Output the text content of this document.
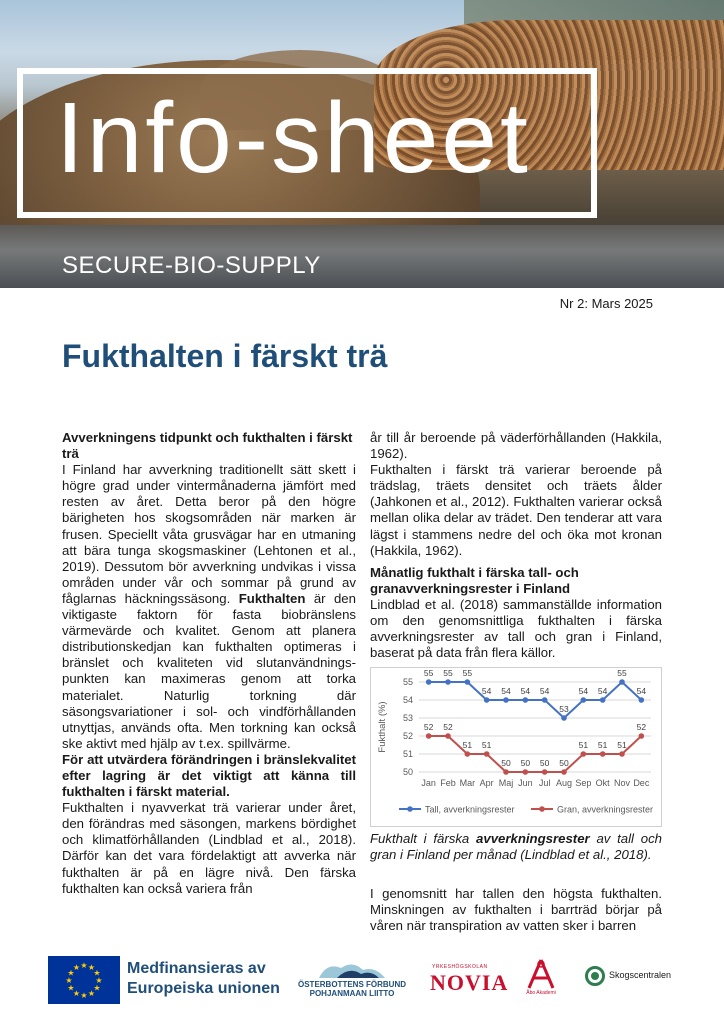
Info-sheet
SECURE-BIO-SUPPLY
Nr 2: Mars 2025
Fukthalten i färskt trä
Avverkningens tidpunkt och fukthalten i färskt trä

I Finland har avverkning traditionellt sätt skett i högre grad under vintermånaderna jämfört med resten av året. Detta beror på den högre bärigheten hos skogsområden när marken är frusen. Speciellt våta grusvägar har en utmaning att bära tunga skogsmaskiner (Lehtonen et al., 2019). Dessutom bör avverkning undvikas i vissa områden under vår och sommar på grund av fåglarnas häckningssäsong. Fukthalten är den viktigaste faktorn för fasta biobränslens värmevärde och kvalitet. Genom att planera distributionskedjan kan fukthalten optimeras i bränslet och kvaliteten vid slutanvändnings-punkten kan maximeras genom att torka materialet. Naturlig torkning där säsongsvariationer i sol- och vindförhållanden utnyttjas, används ofta. Men torkning kan också ske aktivt med hjälp av t.ex. spillvärme.

För att utvärdera förändringen i bränslekvalitet efter lagring är det viktigt att känna till fukthalten i färskt material.

Fukthalten i nyavverkat trä varierar under året, den förändras med säsongen, markens bördighet och klimatförhållanden (Lindblad et al., 2018). Därför kan det vara fördelaktigt att avverka när fukthalten är på en lägre nivå. Den färska fukthalten kan också variera från

år till år beroende på väderförhållanden (Hakkila, 1962).

Fukthalten i färskt trä varierar beroende på trädslag, träets densitet och träets ålder (Jahkonen et al., 2012). Fukthalten varierar också mellan olika delar av trädet. Den tenderar att vara lägst i stammens nedre del och öka mot kronan (Hakkila, 1962).

Månatlig fukthalt i färska tall- och granavverkningsrester i Finland

Lindblad et al. (2018) sammanställde information om den genomsnittliga fukthalten i färska avverkningsrester av tall och gran i Finland, baserat på data från flera källor.

50
51
52
53
54
55
Fukthalt (%)
Jan Feb Mar Apr Maj Jun Jul Aug Sep Okt Nov Dec
55 55 55
54 54 54 54
53
54 54
55
54
52 52
51 51
50 50 50 50
51 51 51
52
Tall, avverkningsrester	Gran, avverkningsrester

Fukthalt i färska avverkningsrester av tall och gran i Finland per månad (Lindblad et al., 2018).

I genomsnitt har tallen den högsta fukthalten. Minskningen av fukthalten i barrträd börjar på våren när transpiration av vatten sker i barren

★
★
★
★
★
★
★
★
★ ★ ★
★ Medfinansieras av
Europeiska unionen ÖSTERBOTTENS FÖRBUND
POHJANMAAN LIITTO
YRKESHÖGSKOLAN
NOVIA	Åbo Akademi
Skogscentralen
